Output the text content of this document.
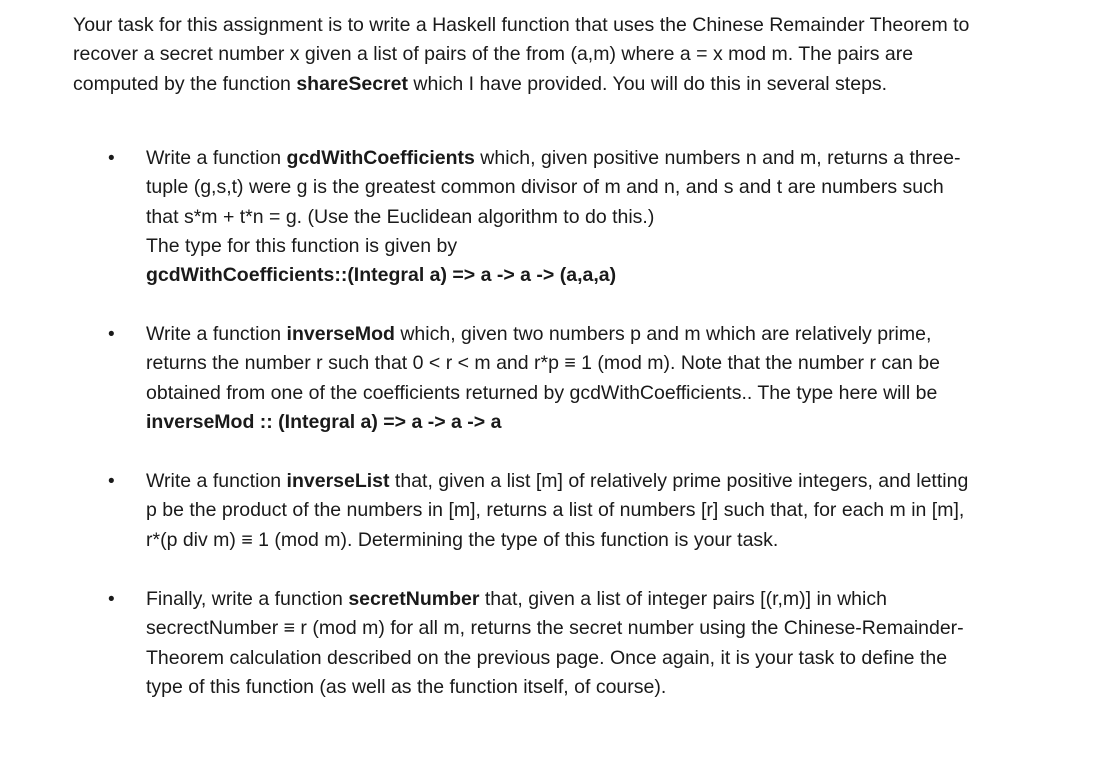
Your task for this assignment is to write a Haskell function that uses the Chinese Remainder Theorem to
recover a secret number x given a list of pairs of the from (a,m) where a = x mod m. The pairs are
computed by the function shareSecret which I have provided. You will do this in several steps.
•	Write a function gcdWithCoefficients which, given positive numbers n and m, returns a three-
tuple (g,s,t) were g is the greatest common divisor of m and n, and s and t are numbers such
that s*m + t*n = g. (Use the Euclidean algorithm to do this.)
The type for this function is given by
gcdWithCoefficients::(Integral a) => a -> a -> (a,a,a)
•	Write a function inverseMod which, given two numbers p and m which are relatively prime,
returns the number r such that 0 < r < m and r*p ≡ 1 (mod m). Note that the number r can be
obtained from one of the coefficients returned by gcdWithCoefficients.. The type here will be
inverseMod :: (Integral a) => a -> a -> a
•	Write a function inverseList that, given a list [m] of relatively prime positive integers, and letting
p be the product of the numbers in [m], returns a list of numbers [r] such that, for each m in [m],
r*(p div m) ≡ 1 (mod m). Determining the type of this function is your task.
•	Finally, write a function secretNumber that, given a list of integer pairs [(r,m)] in which
secrectNumber ≡ r (mod m) for all m, returns the secret number using the Chinese-Remainder-
Theorem calculation described on the previous page. Once again, it is your task to define the
type of this function (as well as the function itself, of course).
